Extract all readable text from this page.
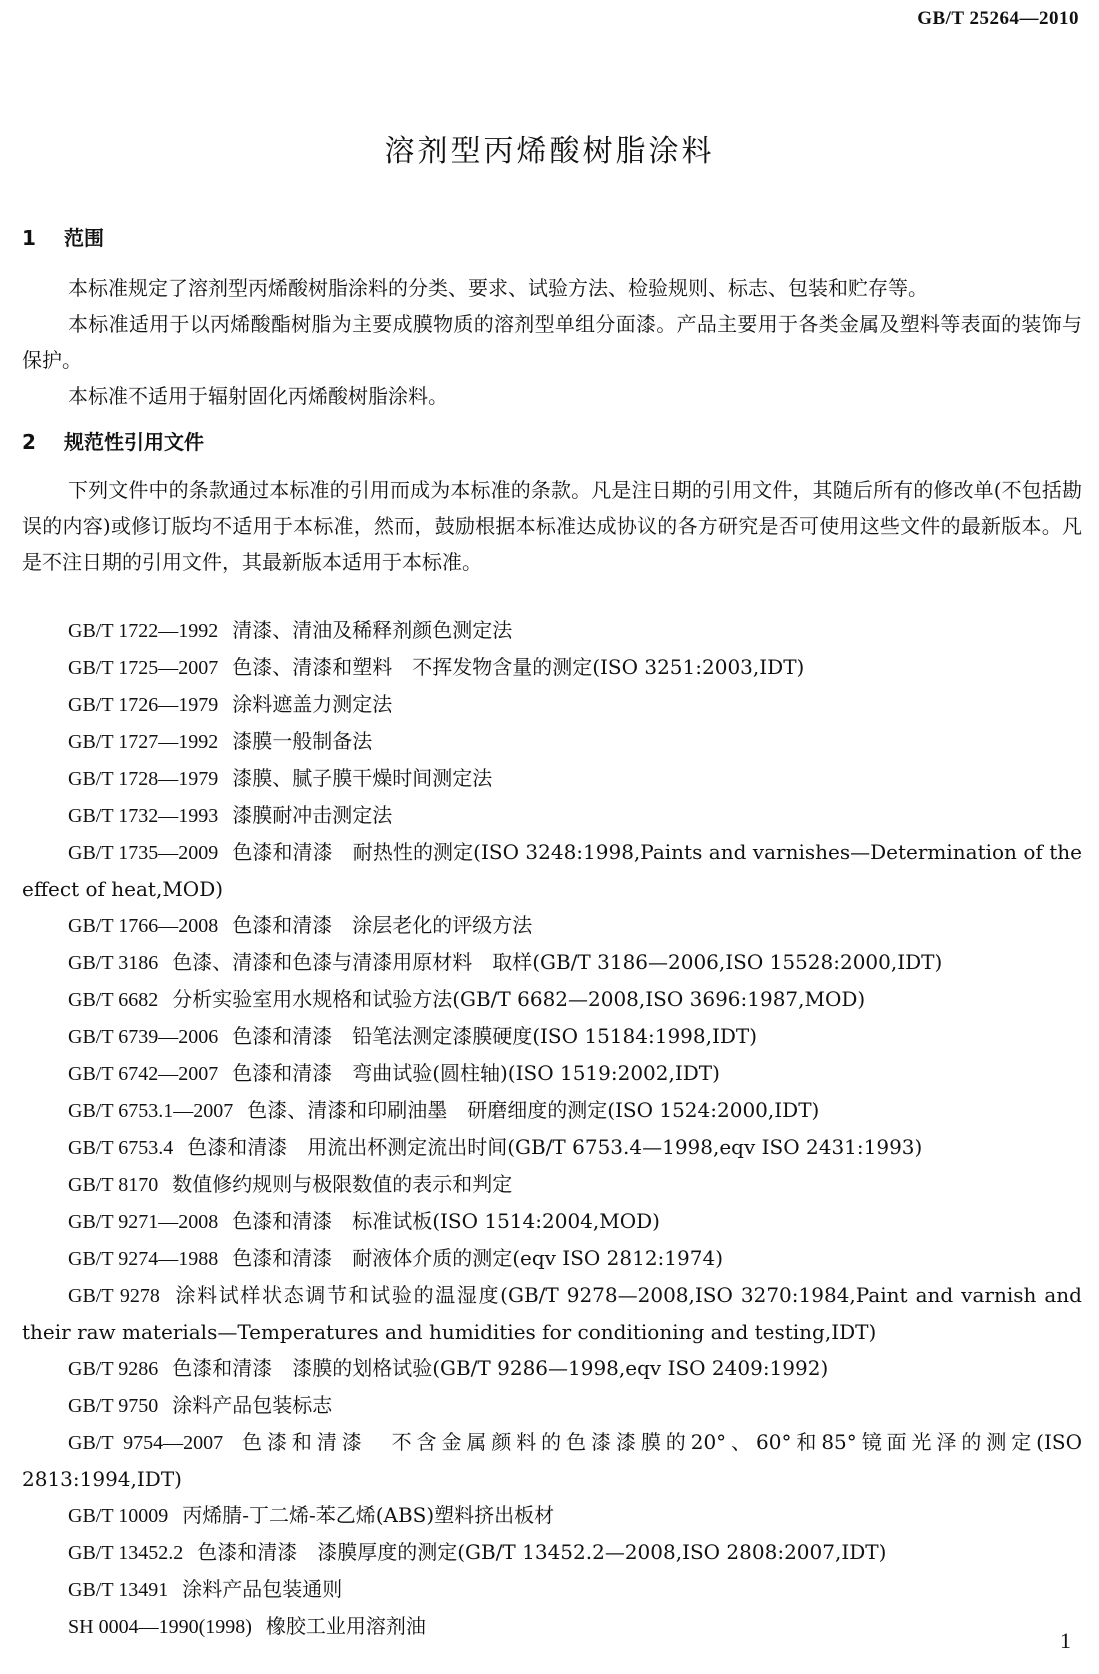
GB/T 25264—2010
溶剂型丙烯酸树脂涂料
1 范围

本标准规定了溶剂型丙烯酸树脂涂料的分类、要求、试验方法、检验规则、标志、包装和贮存等。

本标准适用于以丙烯酸酯树脂为主要成膜物质的溶剂型单组分面漆。产品主要用于各类金属及塑料等表面的装饰与保护。

本标准不适用于辐射固化丙烯酸树脂涂料。

2 规范性引用文件

下列文件中的条款通过本标准的引用而成为本标准的条款。凡是注日期的引用文件，其随后所有的修改单(不包括勘误的内容)或修订版均不适用于本标准，然而，鼓励根据本标准达成协议的各方研究是否可使用这些文件的最新版本。凡是不注日期的引用文件，其最新版本适用于本标准。

GB/T 1722—1992 清漆、清油及稀释剂颜色测定法
GB/T 1725—2007 色漆、清漆和塑料　不挥发物含量的测定(ISO 3251:2003,IDT)
GB/T 1726—1979 涂料遮盖力测定法
GB/T 1727—1992 漆膜一般制备法
GB/T 1728—1979 漆膜、腻子膜干燥时间测定法
GB/T 1732—1993 漆膜耐冲击测定法
GB/T 1735—2009 色漆和清漆　耐热性的测定(ISO 3248:1998,Paints and varnishes—Determination of the effect of heat,MOD)
GB/T 1766—2008 色漆和清漆　涂层老化的评级方法
GB/T 3186 色漆、清漆和色漆与清漆用原材料　取样(GB/T 3186—2006,ISO 15528:2000,IDT)
GB/T 6682 分析实验室用水规格和试验方法(GB/T 6682—2008,ISO 3696:1987,MOD)
GB/T 6739—2006 色漆和清漆　铅笔法测定漆膜硬度(ISO 15184:1998,IDT)
GB/T 6742—2007 色漆和清漆　弯曲试验(圆柱轴)(ISO 1519:2002,IDT)
GB/T 6753.1—2007 色漆、清漆和印刷油墨　研磨细度的测定(ISO 1524:2000,IDT)
GB/T 6753.4 色漆和清漆　用流出杯测定流出时间(GB/T 6753.4—1998,eqv ISO 2431:1993)
GB/T 8170 数值修约规则与极限数值的表示和判定
GB/T 9271—2008 色漆和清漆　标准试板(ISO 1514:2004,MOD)
GB/T 9274—1988 色漆和清漆　耐液体介质的测定(eqv ISO 2812:1974)
GB/T 9278 涂料试样状态调节和试验的温湿度(GB/T 9278—2008,ISO 3270:1984,Paint and varnish and their raw materials—Temperatures and humidities for conditioning and testing,IDT)
GB/T 9286 色漆和清漆　漆膜的划格试验(GB/T 9286—1998,eqv ISO 2409:1992)
GB/T 9750 涂料产品包装标志
GB/T 9754—2007 色漆和清漆　不含金属颜料的色漆漆膜的20°、60°和85°镜面光泽的测定(ISO 2813:1994,IDT)
GB/T 10009 丙烯腈-丁二烯-苯乙烯(ABS)塑料挤出板材
GB/T 13452.2 色漆和清漆　漆膜厚度的测定(GB/T 13452.2—2008,ISO 2808:2007,IDT)
GB/T 13491 涂料产品包装通则
SH 0004—1990(1998) 橡胶工业用溶剂油
1
